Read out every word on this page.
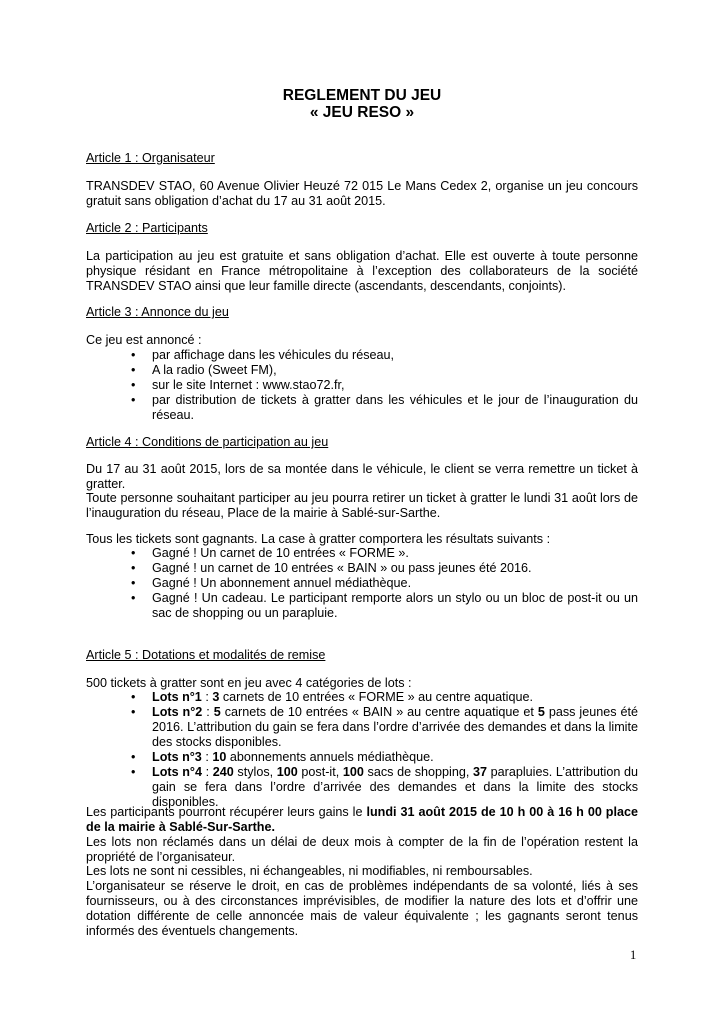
REGLEMENT DU JEU
« JEU RESO »
Article 1 : Organisateur
TRANSDEV STAO, 60 Avenue Olivier Heuzé 72 015 Le Mans Cedex 2, organise un jeu concours gratuit sans obligation d’achat du 17 au 31 août 2015.
Article 2 : Participants
La participation au jeu est gratuite et sans obligation d’achat. Elle est ouverte à toute personne physique résidant en France métropolitaine à l’exception des collaborateurs de la société TRANSDEV STAO ainsi que leur famille directe (ascendants, descendants, conjoints).
Article 3 : Annonce du jeu
Ce jeu est annoncé :
• par affichage dans les véhicules du réseau,
• A la radio (Sweet FM),
• sur le site Internet : www.stao72.fr,
• par distribution de tickets à gratter dans les véhicules et le jour de l’inauguration du réseau.
Article 4 : Conditions de participation au jeu
Du 17 au 31 août 2015, lors de sa montée dans le véhicule, le client se verra remettre un ticket à gratter.
Toute personne souhaitant participer au jeu pourra retirer un ticket à gratter le lundi 31 août lors de l’inauguration du réseau, Place de la mairie à Sablé-sur-Sarthe.
Tous les tickets sont gagnants. La case à gratter comportera les résultats suivants :
• Gagné ! Un carnet de 10 entrées « FORME ».
• Gagné ! un carnet de 10 entrées « BAIN » ou pass jeunes été 2016.
• Gagné ! Un abonnement annuel médiathèque.
• Gagné ! Un cadeau. Le participant remporte alors un stylo ou un bloc de post-it ou un sac de shopping ou un parapluie.
Article 5 : Dotations et modalités de remise
500 tickets à gratter sont en jeu avec 4 catégories de lots :
• Lots n°1 : 3 carnets de 10 entrées « FORME » au centre aquatique.
• Lots n°2 : 5 carnets de 10 entrées « BAIN » au centre aquatique et 5 pass jeunes été 2016. L’attribution du gain se fera dans l’ordre d’arrivée des demandes et dans la limite des stocks disponibles.
• Lots n°3 : 10 abonnements annuels médiathèque.
• Lots n°4 : 240 stylos, 100 post-it, 100 sacs de shopping, 37 parapluies. L’attribution du gain se fera dans l’ordre d’arrivée des demandes et dans la limite des stocks disponibles.
Les participants pourront récupérer leurs gains le lundi 31 août 2015 de 10 h 00 à 16 h 00 place de la mairie à Sablé-Sur-Sarthe.
Les lots non réclamés dans un délai de deux mois à compter de la fin de l’opération restent la propriété de l’organisateur.
Les lots ne sont ni cessibles, ni échangeables, ni modifiables, ni remboursables.
L’organisateur se réserve le droit, en cas de problèmes indépendants de sa volonté, liés à ses fournisseurs, ou à des circonstances imprévisibles, de modifier la nature des lots et d’offrir une dotation différente de celle annoncée mais de valeur équivalente ; les gagnants seront tenus informés des éventuels changements.
1
